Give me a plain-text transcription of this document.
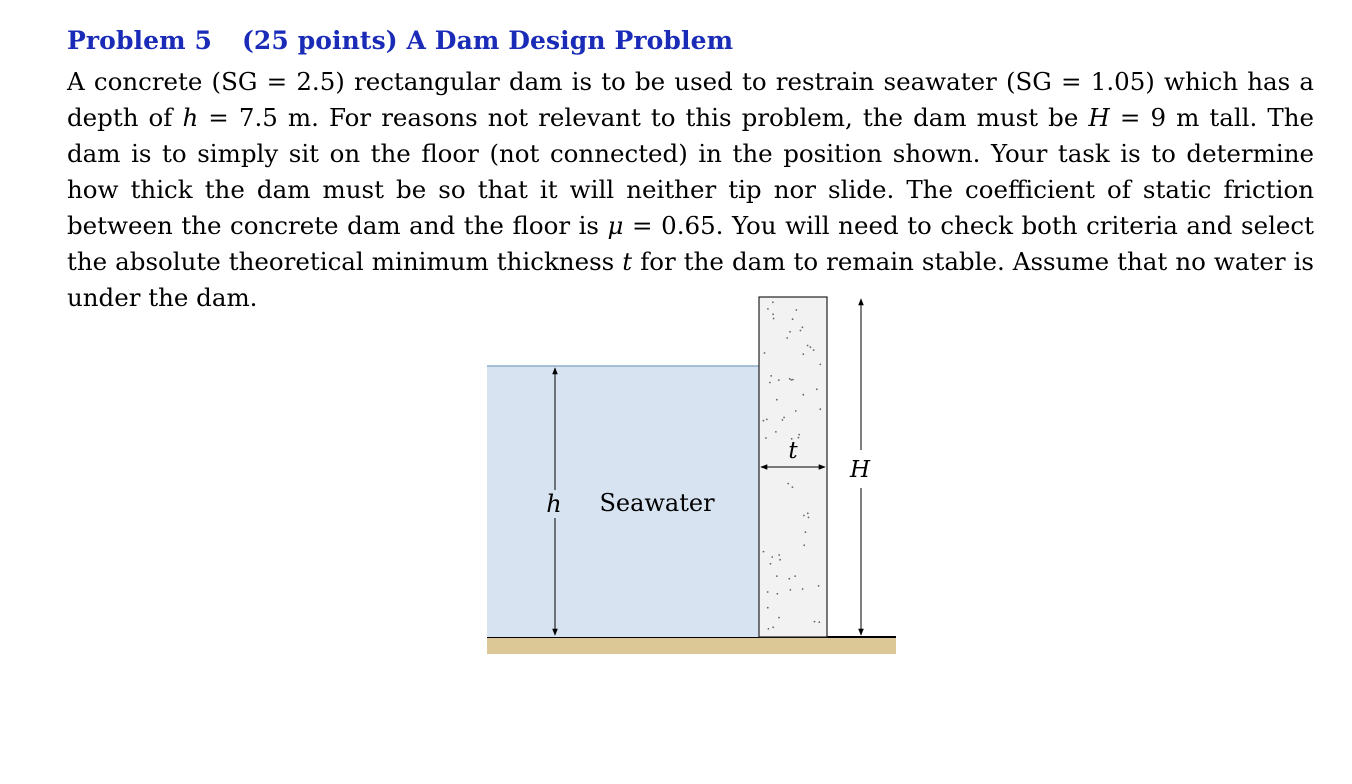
Problem 5 (25 points) A Dam Design Problem
A concrete (SG = 2.5) rectangular dam is to be used to restrain seawater (SG = 1.05) which has a depth of h = 7.5 m. For reasons not relevant to this problem, the dam must be H = 9 m tall. The dam is to simply sit on the floor (not connected) in the position shown. Your task is to determine how thick the dam must be so that it will neither tip nor slide. The coefficient of static friction between the concrete dam and the floor is μ = 0.65. You will need to check both criteria and select the absolute theoretical minimum thickness t for the dam to remain stable. Assume that no water is under the dam.
h Seawater
t
H
